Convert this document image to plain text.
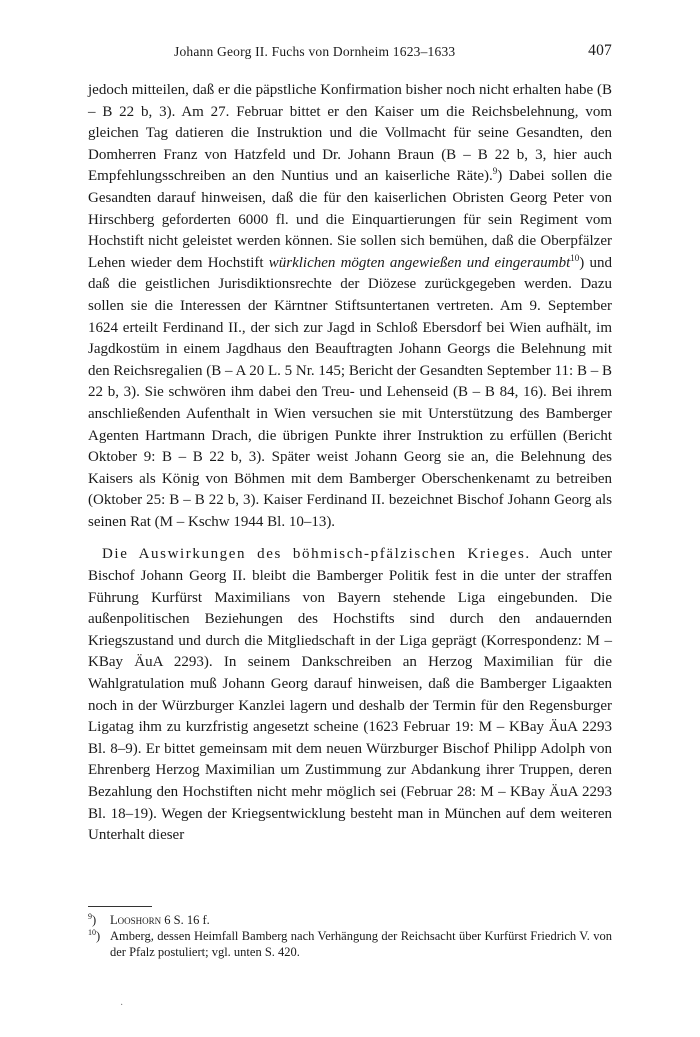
Johann Georg II. Fuchs von Dornheim 1623–1633	407

jedoch mitteilen, daß er die päpstliche Konfirmation bisher noch nicht erhalten habe (B – B 22 b, 3). Am 27. Februar bittet er den Kaiser um die Reichsbelehnung, vom gleichen Tag datieren die Instruktion und die Vollmacht für seine Gesandten, den Domherren Franz von Hatzfeld und Dr. Johann Braun (B – B 22 b, 3, hier auch Empfehlungsschreiben an den Nuntius und an kaiserliche Räte).$^9$) Dabei sollen die Gesandten darauf hinweisen, daß die für den kaiserlichen Obristen Georg Peter von Hirschberg geforderten 6000 fl. und die Einquartierungen für sein Regiment vom Hochstift nicht geleistet werden können. Sie sollen sich bemühen, daß die Oberpfälzer Lehen wieder dem Hochstift würklichen mögten angewießen und eingeraumbt$^{10}$) und daß die geistlichen Jurisdiktionsrechte der Diözese zurückgegeben werden. Dazu sollen sie die Interessen der Kärntner Stiftsuntertanen vertreten. Am 9. September 1624 erteilt Ferdinand II., der sich zur Jagd in Schloß Ebersdorf bei Wien aufhält, im Jagdkostüm in einem Jagdhaus den Beauftragten Johann Georgs die Belehnung mit den Reichsregalien (B – A 20 L. 5 Nr. 145; Bericht der Gesandten September 11: B – B 22 b, 3). Sie schwören ihm dabei den Treu- und Lehenseid (B – B 84, 16). Bei ihrem anschließenden Aufenthalt in Wien versuchen sie mit Unterstützung des Bamberger Agenten Hartmann Drach, die übrigen Punkte ihrer Instruktion zu erfüllen (Bericht Oktober 9: B – B 22 b, 3). Später weist Johann Georg sie an, die Belehnung des Kaisers als König von Böhmen mit dem Bamberger Oberschenkenamt zu betreiben (Oktober 25: B – B 22 b, 3). Kaiser Ferdinand II. bezeichnet Bischof Johann Georg als seinen Rat (M – Kschw 1944 Bl. 10–13).

Die Auswirkungen des böhmisch-pfälzischen Krieges. Auch unter Bischof Johann Georg II. bleibt die Bamberger Politik fest in die unter der straffen Führung Kurfürst Maximilians von Bayern stehende Liga eingebunden. Die außenpolitischen Beziehungen des Hochstifts sind durch den andauernden Kriegszustand und durch die Mitgliedschaft in der Liga geprägt (Korrespondenz: M – KBay ÄuA 2293). In seinem Dankschreiben an Herzog Maximilian für die Wahlgratulation muß Johann Georg darauf hinweisen, daß die Bamberger Ligaakten noch in der Würzburger Kanzlei lagern und deshalb der Termin für den Regensburger Ligatag ihm zu kurzfristig angesetzt scheine (1623 Februar 19: M – KBay ÄuA 2293 Bl. 8–9). Er bittet gemeinsam mit dem neuen Würzburger Bischof Philipp Adolph von Ehrenberg Herzog Maximilian um Zustimmung zur Abdankung ihrer Truppen, deren Bezahlung den Hochstiften nicht mehr möglich sei (Februar 28: M – KBay ÄuA 2293 Bl. 18–19). Wegen der Kriegsentwicklung besteht man in München auf dem weiteren Unterhalt dieser

$^9$) Looshorn 6 S. 16 f.
$^{10}$) Amberg, dessen Heimfall Bamberg nach Verhängung der Reichsacht über Kurfürst Friedrich V. von der Pfalz postuliert; vgl. unten S. 420.
·
